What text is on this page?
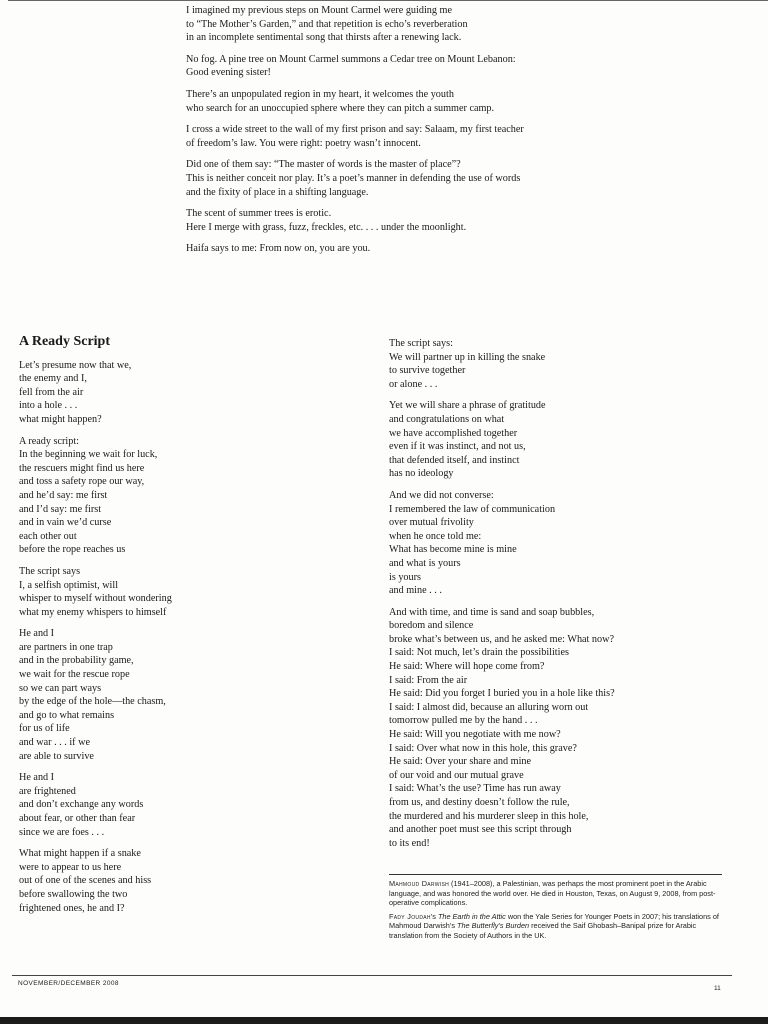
I imagined my previous steps on Mount Carmel were guiding me
to “The Mother’s Garden,” and that repetition is echo’s reverberation
in an incomplete sentimental song that thirsts after a renewing lack.
No fog. A pine tree on Mount Carmel summons a Cedar tree on Mount Lebanon:
Good evening sister!
There’s an unpopulated region in my heart, it welcomes the youth
who search for an unoccupied sphere where they can pitch a summer camp.
I cross a wide street to the wall of my first prison and say: Salaam, my first teacher
of freedom’s law. You were right: poetry wasn’t innocent.
Did one of them say: “The master of words is the master of place”?
This is neither conceit nor play. It’s a poet’s manner in defending the use of words
and the fixity of place in a shifting language.
The scent of summer trees is erotic.
Here I merge with grass, fuzz, freckles, etc. . . . under the moonlight.
Haifa says to me: From now on, you are you.
A Ready Script
Let’s presume now that we,
the enemy and I,
fell from the air
into a hole . . .
what might happen?
A ready script:
In the beginning we wait for luck,
the rescuers might find us here
and toss a safety rope our way,
and he’d say: me first
and I’d say: me first
and in vain we’d curse
each other out
before the rope reaches us
The script says
I, a selfish optimist, will
whisper to myself without wondering
what my enemy whispers to himself
He and I
are partners in one trap
and in the probability game,
we wait for the rescue rope
so we can part ways
by the edge of the hole—the chasm,
and go to what remains
for us of life
and war . . . if we
are able to survive
He and I
are frightened
and don’t exchange any words
about fear, or other than fear
since we are foes . . .
What might happen if a snake
were to appear to us here
out of one of the scenes and hiss
before swallowing the two
frightened ones, he and I?
The script says:
We will partner up in killing the snake
to survive together
or alone . . .
Yet we will share a phrase of gratitude
and congratulations on what
we have accomplished together
even if it was instinct, and not us,
that defended itself, and instinct
has no ideology
And we did not converse:
I remembered the law of communication
over mutual frivolity
when he once told me:
What has become mine is mine
and what is yours
is yours
and mine . . .
And with time, and time is sand and soap bubbles,
boredom and silence
broke what’s between us, and he asked me: What now?
I said: Not much, let’s drain the possibilities
He said: Where will hope come from?
I said: From the air
He said: Did you forget I buried you in a hole like this?
I said: I almost did, because an alluring worn out
tomorrow pulled me by the hand . . .
He said: Will you negotiate with me now?
I said: Over what now in this hole, this grave?
He said: Over your share and mine
of our void and our mutual grave
I said: What’s the use? Time has run away
from us, and destiny doesn’t follow the rule,
the murdered and his murderer sleep in this hole,
and another poet must see this script through
to its end!

Mahmoud Darwish (1941–2008), a Palestinian, was perhaps the most prominent poet in the Arabic language, and was honored the world over. He died in Houston, Texas, on August 9, 2008, from post-operative complications.

Fady Joudah’s The Earth in the Attic won the Yale Series for Younger Poets in 2007; his translations of Mahmoud Darwish’s The Butterfly’s Burden received the Saif Ghobash–Banipal prize for Arabic translation from the Society of Authors in the UK.

NOVEMBER/DECEMBER 2008
11
